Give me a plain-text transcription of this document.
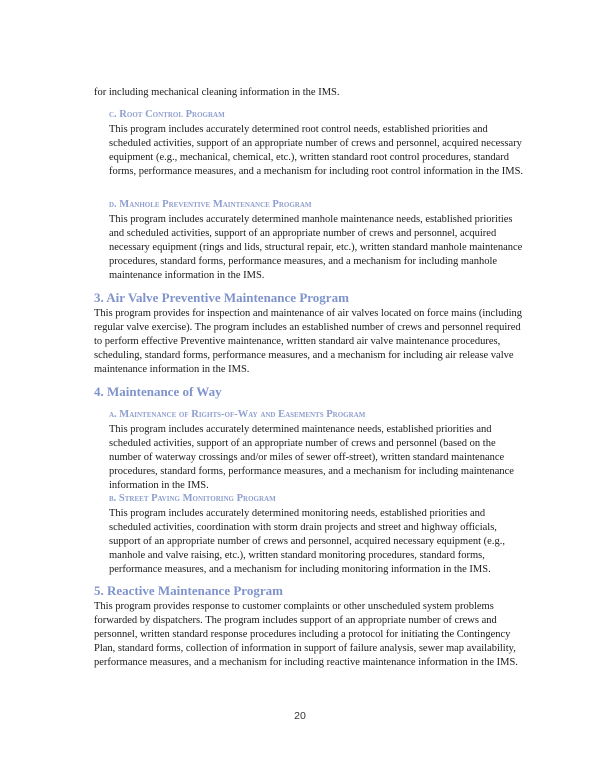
for including mechanical cleaning information in the IMS.

c. Root Control Program

This program includes accurately determined root control needs, established priorities and scheduled activities, support of an appropriate number of crews and personnel, acquired necessary equipment (e.g., mechanical, chemical, etc.), written standard root control procedures, standard forms, performance measures, and a mechanism for including root control information in the IMS.

d. Manhole Preventive Maintenance Program

This program includes accurately determined manhole maintenance needs, established priorities and scheduled activities, support of an appropriate number of crews and personnel, acquired necessary equipment (rings and lids, structural repair, etc.), written standard manhole maintenance procedures, standard forms, performance measures, and a mechanism for including manhole maintenance information in the IMS.

3. Air Valve Preventive Maintenance Program

This program provides for inspection and maintenance of air valves located on force mains (including regular valve exercise). The program includes an established number of crews and personnel required to perform effective Preventive maintenance, written standard air valve maintenance procedures, scheduling, standard forms, performance measures, and a mechanism for including air release valve maintenance information in the IMS.

4. Maintenance of Way
a. Maintenance of Rights-of-Way and Easements Program

This program includes accurately determined maintenance needs, established priorities and scheduled activities, support of an appropriate number of crews and personnel (based on the number of waterway crossings and/or miles of sewer off-street), written standard maintenance procedures, standard forms, performance measures, and a mechanism for including maintenance information in the IMS.

b. Street Paving Monitoring Program

This program includes accurately determined monitoring needs, established priorities and scheduled activities, coordination with storm drain projects and street and highway officials, support of an appropriate number of crews and personnel, acquired necessary equipment (e.g., manhole and valve raising, etc.), written standard monitoring procedures, standard forms, performance measures, and a mechanism for including monitoring information in the IMS.

5. Reactive Maintenance Program

This program provides response to customer complaints or other unscheduled system problems forwarded by dispatchers. The program includes support of an appropriate number of crews and personnel, written standard response procedures including a protocol for initiating the Contingency Plan, standard forms, collection of information in support of failure analysis, sewer map availability, performance measures, and a mechanism for including reactive maintenance information in the IMS.

20
